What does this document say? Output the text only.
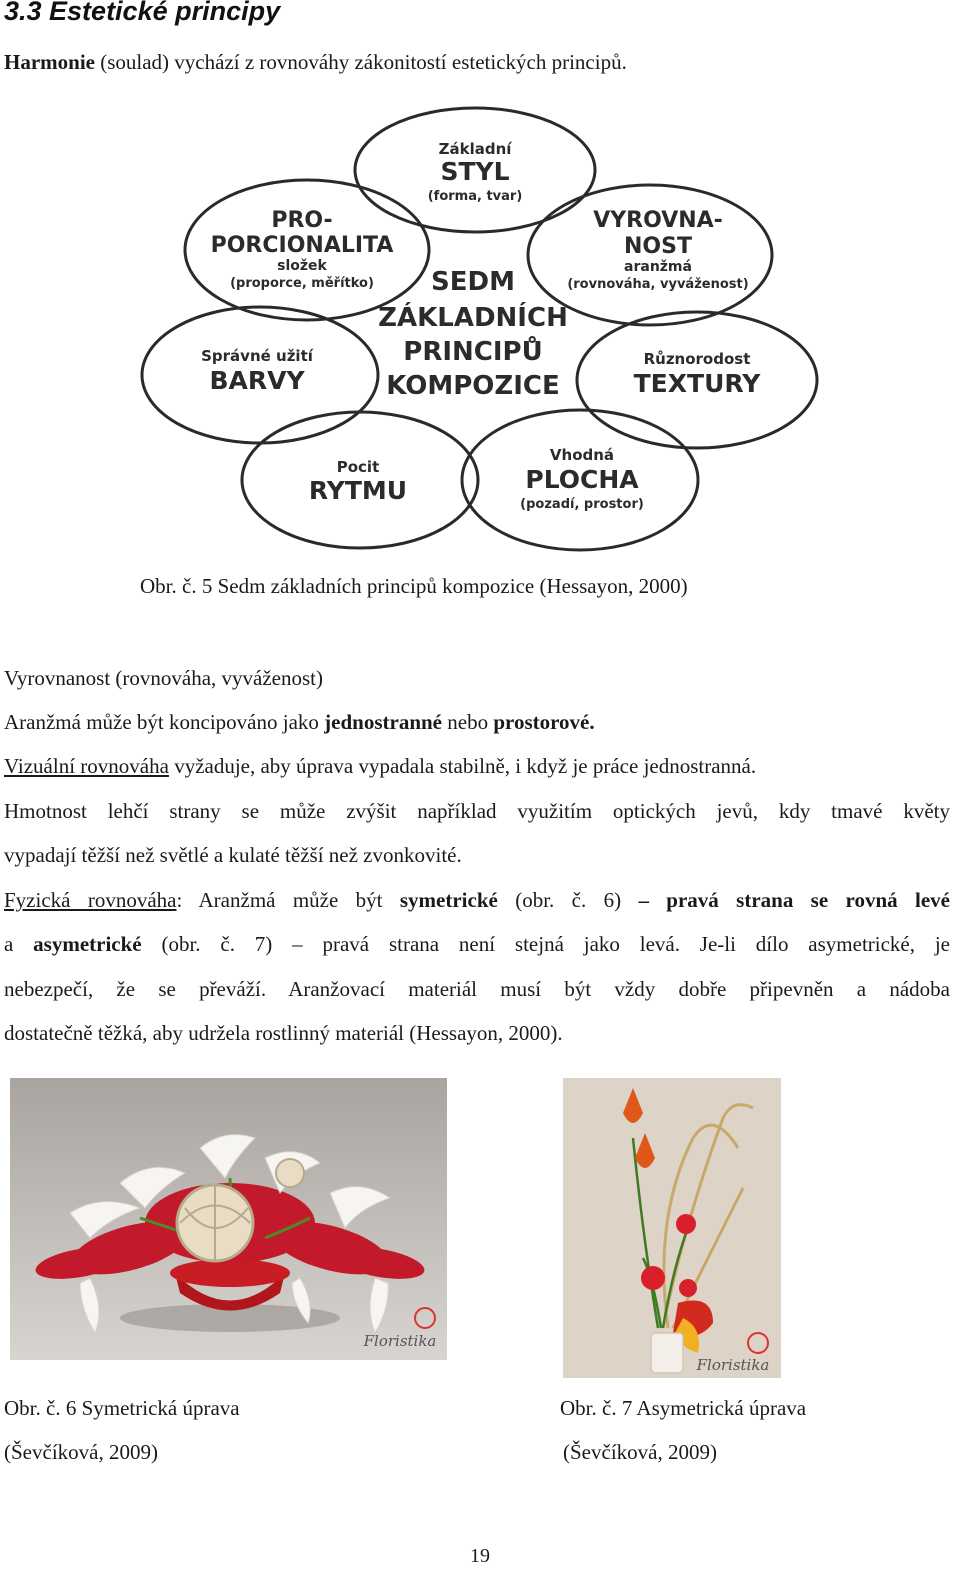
3.3 Estetické principy
Harmonie (soulad) vychází z rovnováhy zákonitostí estetických principů.
Základní
STYL
(forma, tvar)
PRO-
PORCIONALITA
složek
(proporce, měřítko)
VYROVNA-
NOST
aranžmá
(rovnováha, vyváženost)
SEDM
ZÁKLADNÍCH
PRINCIPŮ
KOMPOZICE
Správné užití
BARVY
Různorodost
TEXTURY
Pocit
RYTMU
Vhodná
PLOCHA
(pozadí, prostor)
Obr. č. 5 Sedm základních principů kompozice (Hessayon, 2000)
Vyrovnanost (rovnováha, vyváženost)
Aranžmá může být koncipováno jako jednostranné nebo prostorové.
Vizuální rovnováha vyžaduje, aby úprava vypadala stabilně, i když je práce jednostranná.
Hmotnost lehčí strany se může zvýšit například využitím optických jevů, kdy tmavé květy
vypadají těžší než světlé a kulaté těžší než zvonkovité.
Fyzická rovnováha: Aranžmá může být symetrické (obr. č. 6) – pravá strana se rovná levé
a asymetrické (obr. č. 7) – pravá strana není stejná jako levá. Je-li dílo asymetrické, je
nebezpečí, že se převáží. Aranžovací materiál musí být vždy dobře připevněn a nádoba
dostatečně těžká, aby udržela rostlinný materiál (Hessayon, 2000).
Floristika
Floristika
Obr. č. 6 Symetrická úprava	Obr. č. 7 Asymetrická úprava
(Ševčíková, 2009)	(Ševčíková, 2009)
19
